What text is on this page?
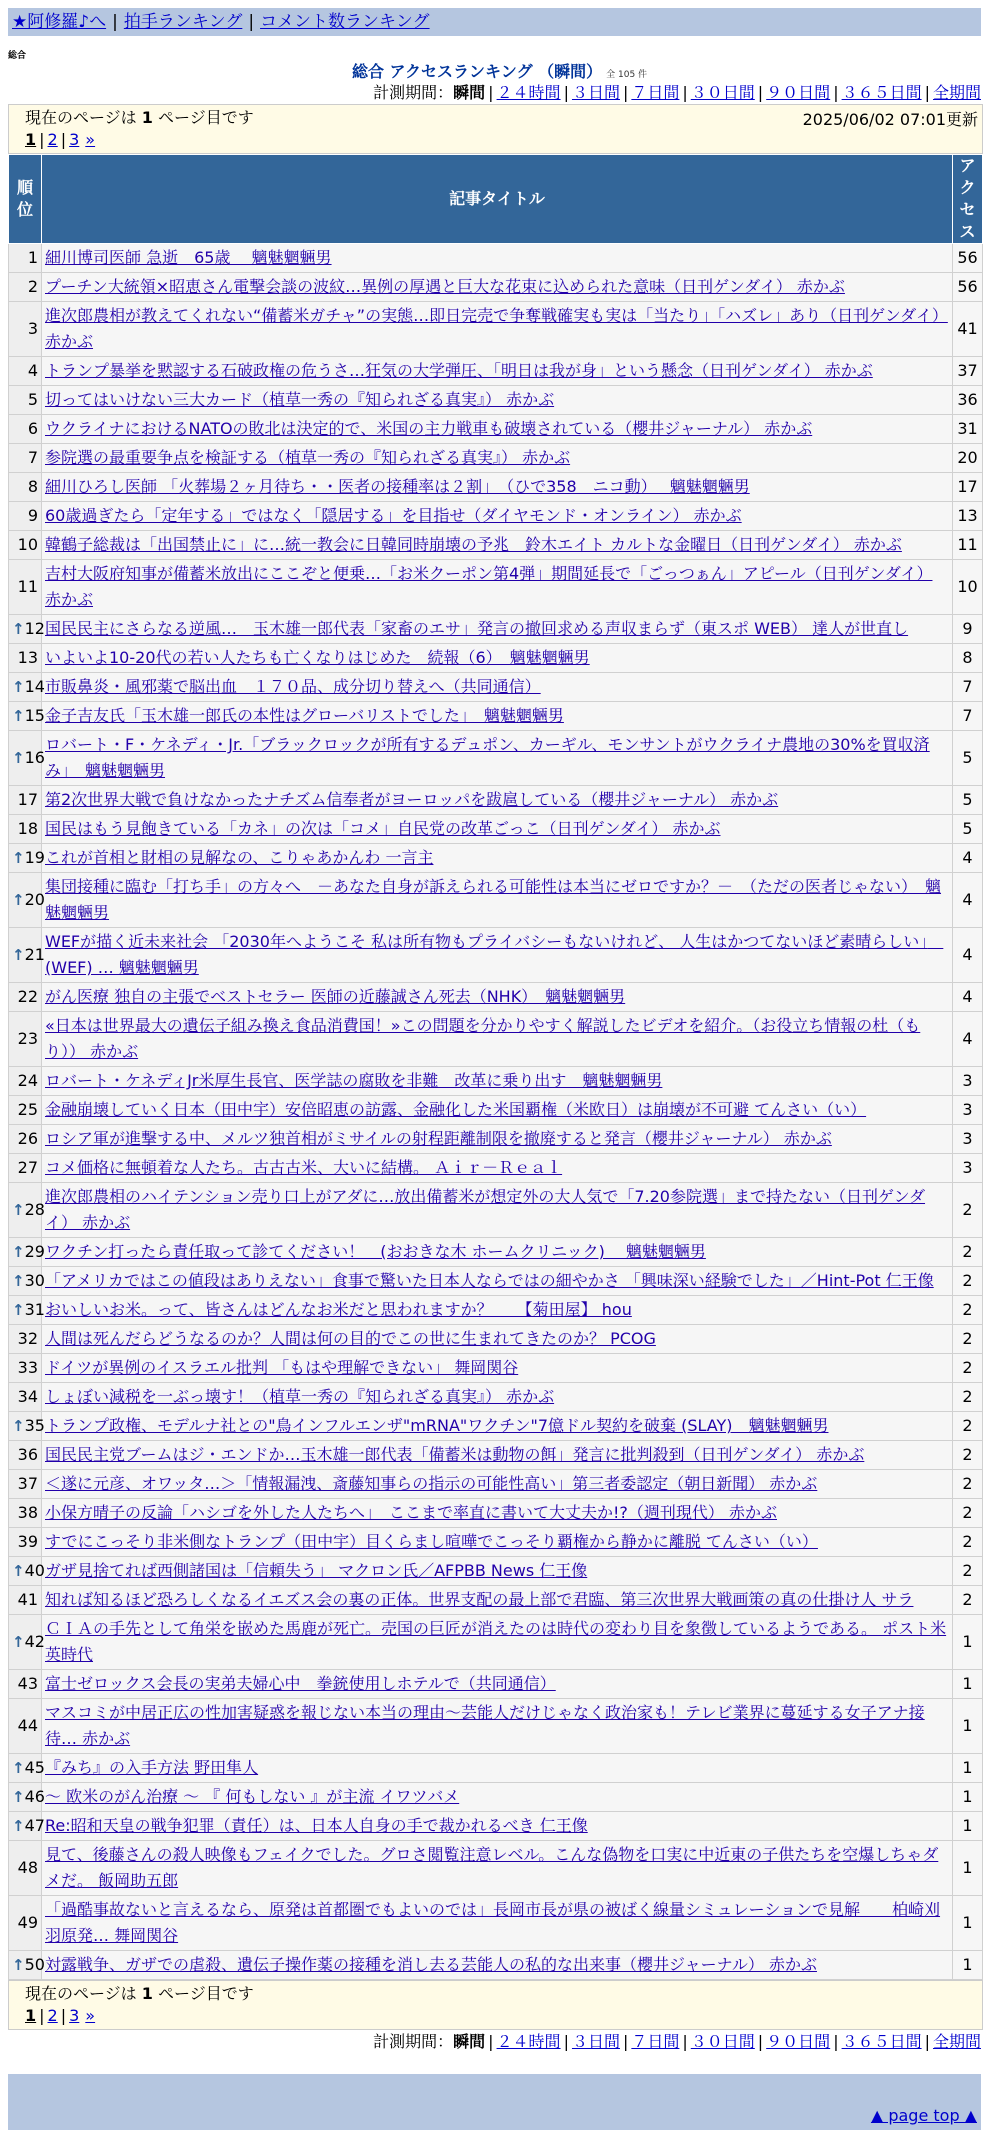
★阿修羅♪へ | 拍手ランキング | コメント数ランキング
総合
総合 アクセスランキング （瞬間） 全 105 件
計測期間：瞬間 | ２４時間 | ３日間 | ７日間 | ３０日間 | ９０日間 | ３６５日間 | 全期間
現在のページは 1 ページ目です	2025/06/02 07:01更新
1 | 2 | 3 »
順位	記事タイトル	アクセス
1	細川博司医師 急逝　65歳　 魑魅魍魎男	56
2	プーチン大統領×昭恵さん電撃会談の波紋…異例の厚遇と巨大な花束に込められた意味（日刊ゲンダイ） 赤かぶ	56
3	進次郎農相が教えてくれない“備蓄米ガチャ”の実態…即日完売で争奪戦確実も実は「当たり」「ハズレ」あり（日刊ゲンダイ） 赤かぶ	41
4	トランプ暴挙を黙認する石破政権の危うさ…狂気の大学弾圧、「明日は我が身」という懸念（日刊ゲンダイ） 赤かぶ	37
5	切ってはいけない三大カード（植草一秀の『知られざる真実』） 赤かぶ	36
6	ウクライナにおけるNATOの敗北は決定的で、米国の主力戦車も破壊されている（櫻井ジャーナル） 赤かぶ	31
7	参院選の最重要争点を検証する（植草一秀の『知られざる真実』） 赤かぶ	20
8	細川ひろし医師 「火葬場２ヶ月待ち・・医者の接種率は２割」　（ひで358　ニコ動）　 魑魅魍魎男	17
9	60歳過ぎたら「定年する」ではなく「隠居する」を目指せ（ダイヤモンド・オンライン） 赤かぶ	13
10	韓鶴子総裁は「出国禁止に」に…統一教会に日韓同時崩壊の予兆　鈴木エイト カルトな金曜日（日刊ゲンダイ） 赤かぶ	11
11	吉村大阪府知事が備蓄米放出にここぞと便乗…「お米クーポン第4弾」期間延長で「ごっつぁん」アピール（日刊ゲンダイ） 赤かぶ	10

↑ 12	国民民主にさらなる逆風…　玉木雄一郎代表「家畜のエサ」発言の撤回求める声収まらず（東スポ WEB） 達人が世直し	9
13	いよいよ10-20代の若い人たちも亡くなりはじめた　続報（6）　魑魅魍魎男	8

↑ 14	市販鼻炎・風邪薬で脳出血　１７０品、成分切り替えへ（共同通信）	7

↑ 15	金子吉友氏「玉木雄一郎氏の本性はグローバリストでした」　魑魅魍魎男	7

↑ 16	ロバート・F・ケネディ・Jr.「ブラックロックが所有するデュポン、カーギル、モンサントがウクライナ農地の30%を買収済み」　魑魅魍魎男	5
17	第2次世界大戦で負けなかったナチズム信奉者がヨーロッパを跋扈している（櫻井ジャーナル） 赤かぶ	5
18	国民はもう見飽きている「カネ」の次は「コメ」自民党の改革ごっこ（日刊ゲンダイ） 赤かぶ	5

↑ 19	これが首相と財相の見解なの、こりゃあかんわ 一言主	4

↑ 20	集団接種に臨む「打ち手」の方々へ　－あなた自身が訴えられる可能性は本当にゼロですか？－　（ただの医者じゃない）　魑魅魍魎男	4

↑ 21	WEFが描く近未来社会 「2030年へようこそ 私は所有物もプライバシーもないけれど、 人生はかつてないほど素晴らしい」　(WEF) … 魑魅魍魎男	4
22	がん医療 独自の主張でベストセラー 医師の近藤誠さん死去（NHK）　魑魅魍魎男	4
23	«日本は世界最大の遺伝子組み換え食品消費国！»この問題を分かりやすく解説したビデオを紹介。（お役立ち情報の杜（もり）） 赤かぶ	4
24	ロバート・ケネディJr米厚生長官、医学誌の腐敗を非難　改革に乗り出す　魑魅魍魎男	3
25	金融崩壊していく日本（田中宇）安倍昭恵の訪露、金融化した米国覇権（米欧日）は崩壊が不可避 てんさい（い）	3
26	ロシア軍が進撃する中、メルツ独首相がミサイルの射程距離制限を撤廃すると発言（櫻井ジャーナル） 赤かぶ	3
27	コメ価格に無頓着な人たち。古古古米、大いに結構。 Ａｉｒ－Ｒｅａｌ	3

↑ 28	進次郎農相のハイテンション売り口上がアダに…放出備蓄米が想定外の大人気で「7.20参院選」まで持たない（日刊ゲンダイ） 赤かぶ	2

↑ 29	ワクチン打ったら責任取って診てください！　(おおきな木 ホームクリニック)　 魑魅魍魎男	2

↑ 30	「アメリカではこの値段はありえない」食事で驚いた日本人ならではの細やかさ 「興味深い経験でした」／Hint-Pot 仁王像	2

↑ 31	おいしいお米。って、皆さんはどんなお米だと思われますか？　　【菊田屋】 hou	2
32	人間は死んだらどうなるのか？人間は何の目的でこの世に生まれてきたのか？ PCOG	2
33	ドイツが異例のイスラエル批判 「もはや理解できない」 舞岡関谷	2
34	しょぼい減税を一ぶっ壊す！（植草一秀の『知られざる真実』） 赤かぶ	2

↑ 35	トランプ政権、モデルナ社との"鳥インフルエンザ"mRNA"ワクチン"7億ドル契約を破棄 (SLAY)　魑魅魍魎男	2
36	国民民主党ブームはジ・エンドか…玉木雄一郎代表「備蓄米は動物の餌」発言に批判殺到（日刊ゲンダイ） 赤かぶ	2
37	＜遂に元彦、オワッタ…＞「情報漏洩、斎藤知事らの指示の可能性高い」第三者委認定（朝日新聞） 赤かぶ	2
38	小保方晴子の反論「ハシゴを外した人たちへ」　ここまで率直に書いて大丈夫か!?（週刊現代） 赤かぶ	2
39	すでにこっそり非米側なトランプ（田中宇）目くらまし喧嘩でこっそり覇権から静かに離脱 てんさい（い）	2

↑ 40	ガザ見捨てれば西側諸国は「信頼失う」 マクロン氏／AFPBB News 仁王像	2
41	知れば知るほど恐ろしくなるイエズス会の裏の正体。世界支配の最上部で君臨、第三次世界大戦画策の真の仕掛け人 サラ	2

↑ 42	ＣＩＡの手先として角栄を嵌めた馬鹿が死亡。売国の巨匠が消えたのは時代の変わり目を象徴しているようである。 ポスト米英時代	1
43	富士ゼロックス会長の実弟夫婦心中　拳銃使用しホテルで（共同通信）	1
44	マスコミが中居正広の性加害疑惑を報じない本当の理由～芸能人だけじゃなく政治家も！テレビ業界に蔓延する女子アナ接待… 赤かぶ	1

↑ 45	『みち』の入手方法 野田隼人	1

↑ 46	～ 欧米のがん治療 ～ 『 何もしない 』が主流 イワツバメ	1

↑ 47	Re:昭和天皇の戦争犯罪（責任）は、日本人自身の手で裁かれるべき 仁王像	1
48	見て、後藤さんの殺人映像もフェイクでした。グロさ閲覧注意レベル。こんな偽物を口実に中近東の子供たちを空爆しちゃダメだ。 飯岡助五郎	1
49	「過酷事故ないと言えるなら、原発は首都圏でもよいのでは」長岡市長が県の被ばく線量シミュレーションで見解　　柏崎刈羽原発… 舞岡関谷	1

↑ 50	対露戦争、ガザでの虐殺、遺伝子操作薬の接種を消し去る芸能人の私的な出来事（櫻井ジャーナル） 赤かぶ	1
現在のページは 1 ページ目です
1 | 2 | 3 »
計測期間：瞬間 | ２４時間 | ３日間 | ７日間 | ３０日間 | ９０日間 | ３６５日間 | 全期間
▲ page top ▲
